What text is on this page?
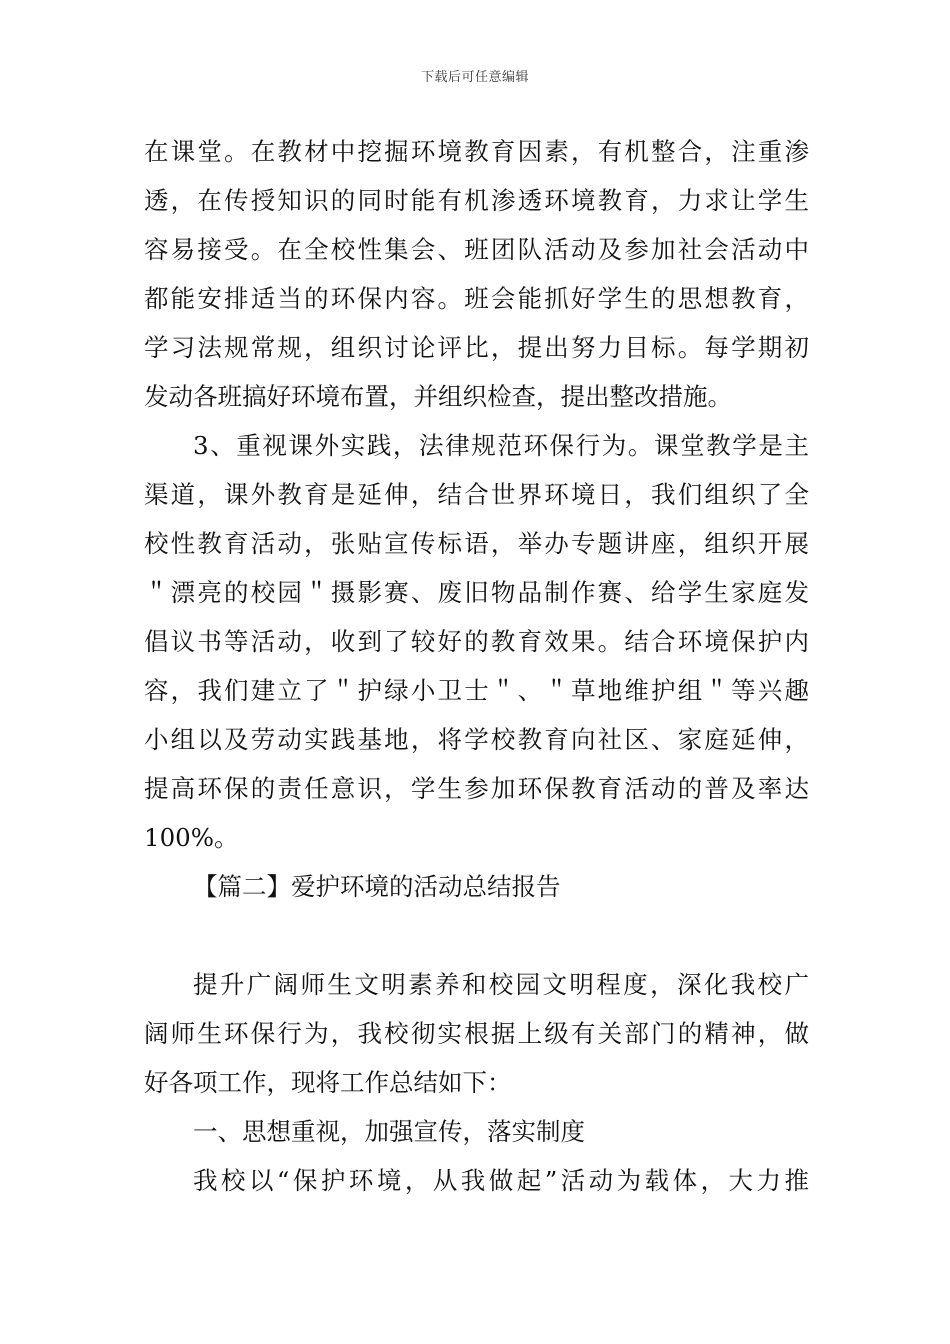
下载后可任意编辑
在课堂。在教材中挖掘环境教育因素，有机整合，注重渗
透，在传授知识的同时能有机渗透环境教育，力求让学生
容易接受。在全校性集会、班团队活动及参加社会活动中
都能安排适当的环保内容。班会能抓好学生的思想教育，
学习法规常规，组织讨论评比，提出努力目标。每学期初
发动各班搞好环境布置，并组织检查，提出整改措施。
3、重视课外实践，法律规范环保行为。课堂教学是主
渠道，课外教育是延伸，结合世界环境日，我们组织了全
校性教育活动，张贴宣传标语，举办专题讲座，组织开展
＂漂亮的校园＂摄影赛、废旧物品制作赛、给学生家庭发
倡议书等活动，收到了较好的教育效果。结合环境保护内
容，我们建立了＂护绿小卫士＂、＂草地维护组＂等兴趣
小组以及劳动实践基地，将学校教育向社区、家庭延伸，
提高环保的责任意识，学生参加环保教育活动的普及率达
100%。
【篇二】爱护环境的活动总结报告
提升广阔师生文明素养和校园文明程度，深化我校广
阔师生环保行为，我校彻实根据上级有关部门的精神，做
好各项工作，现将工作总结如下：
一、思想重视，加强宣传，落实制度
我校以“保护环境，从我做起”活动为载体，大力推
